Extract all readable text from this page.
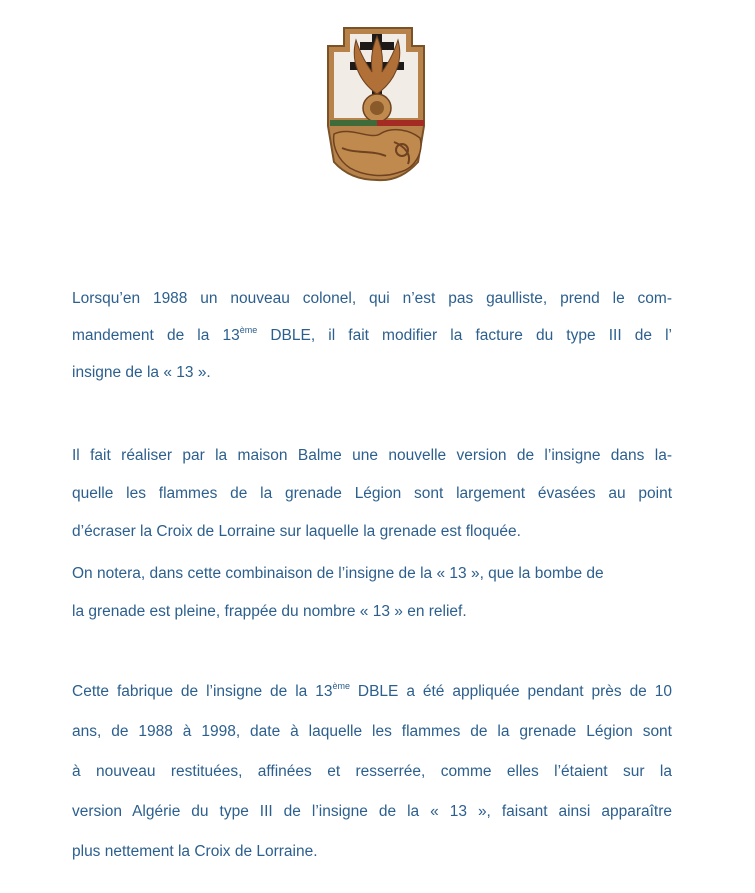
Lorsqu’en 1988 un nouveau colonel, qui n’est pas gaulliste, prend le com-
mandement de la 13ème DBLE, il fait modifier la facture du type III de l’
insigne de la « 13 ».
Il fait réaliser par la maison Balme une nouvelle version de l’insigne dans la-
quelle les flammes de la grenade Légion sont largement évasées au point
d’écraser la Croix de Lorraine sur laquelle la grenade est floquée.
On notera, dans cette combinaison de l’insigne de la « 13 », que la bombe de
la grenade est pleine, frappée du nombre « 13 » en relief.
Cette fabrique de l’insigne de la 13ème DBLE a été appliquée pendant près de 10
ans, de 1988 à 1998, date à laquelle les flammes de la grenade Légion sont
à nouveau restituées, affinées et resserrée, comme elles l’étaient sur la
version Algérie du type III de l’insigne de la « 13 », faisant ainsi apparaître
plus nettement la Croix de Lorraine.
